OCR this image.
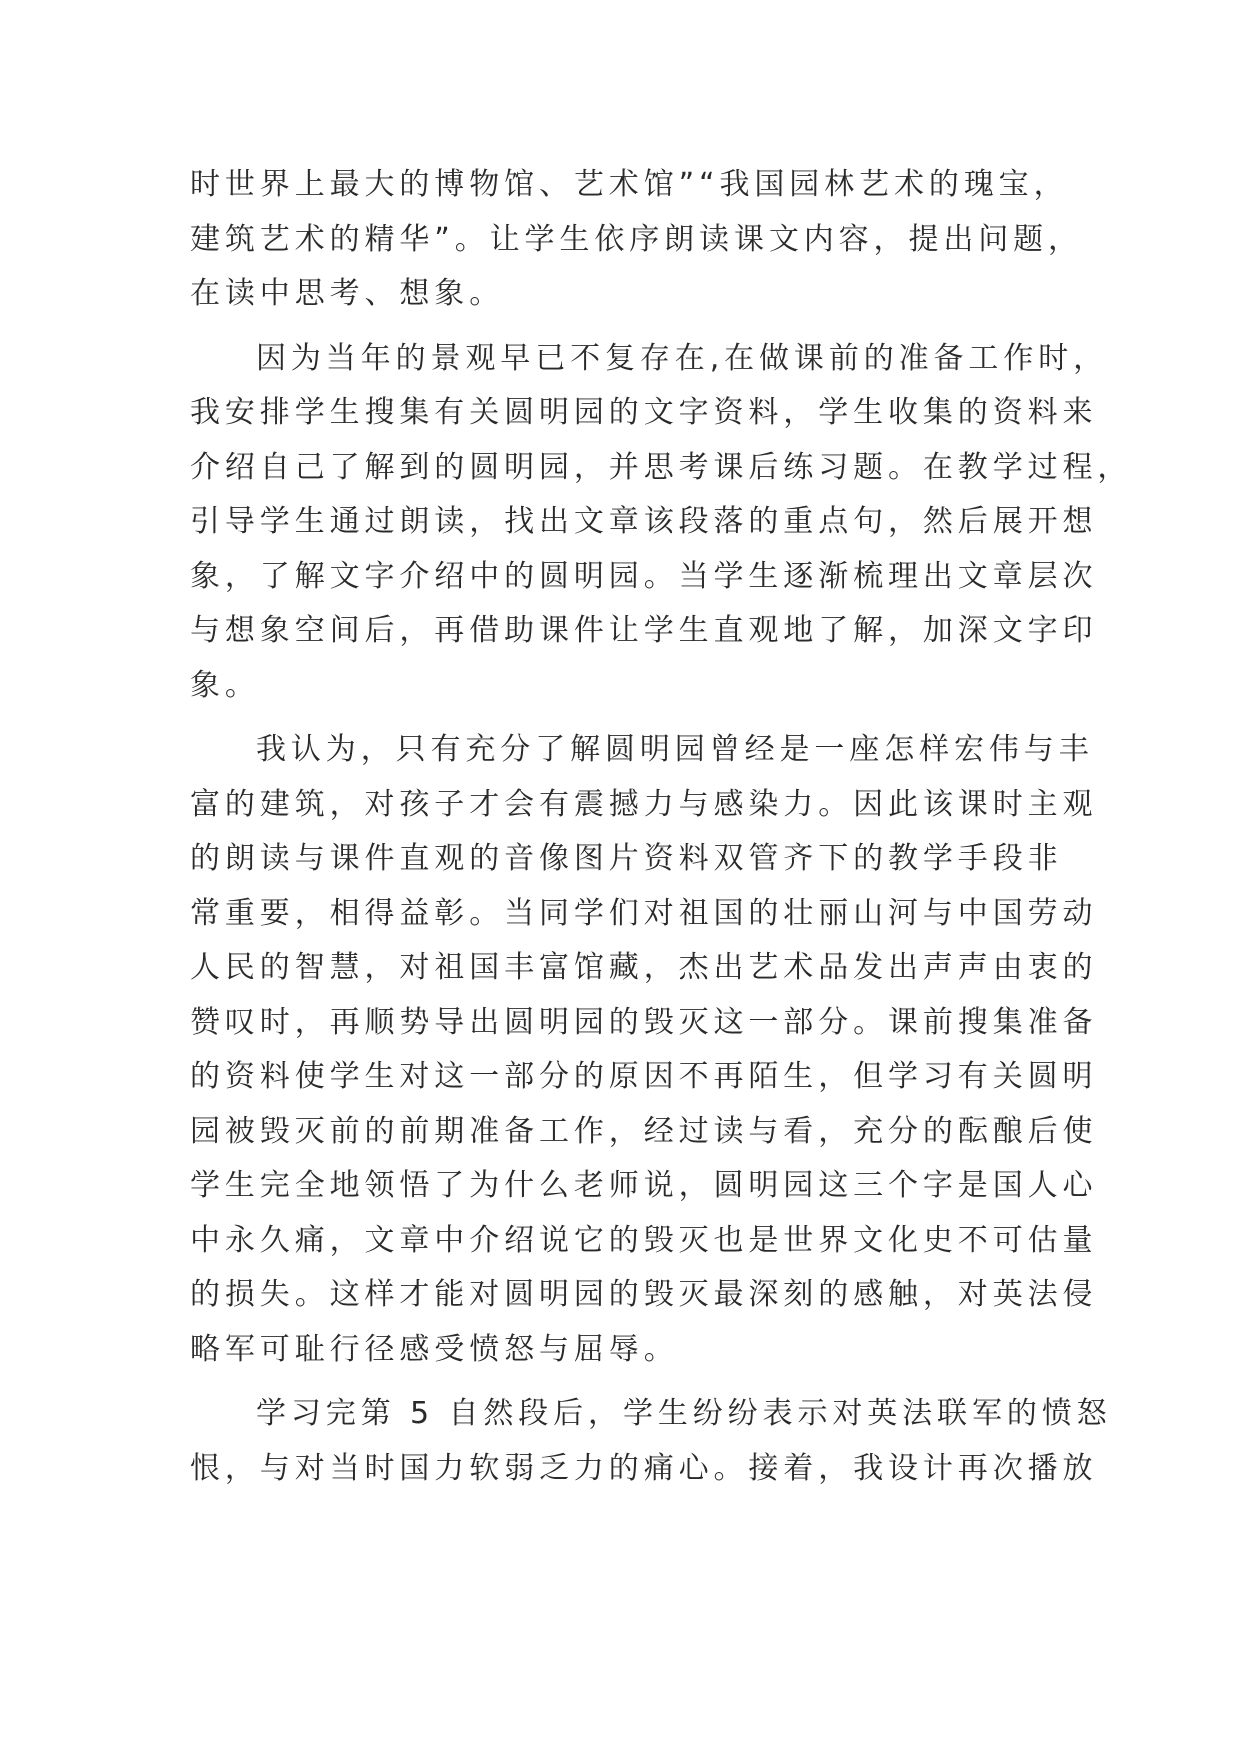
时世界上最大的博物馆、艺术馆”“我国园林艺术的瑰宝，
建筑艺术的精华”。让学生依序朗读课文内容，提出问题，
在读中思考、想象。
因为当年的景观早已不复存在,在做课前的准备工作时，
我安排学生搜集有关圆明园的文字资料，学生收集的资料来
介绍自己了解到的圆明园，并思考课后练习题。在教学过程，
引导学生通过朗读，找出文章该段落的重点句，然后展开想
象，了解文字介绍中的圆明园。当学生逐渐梳理出文章层次
与想象空间后，再借助课件让学生直观地了解，加深文字印
象。
我认为，只有充分了解圆明园曾经是一座怎样宏伟与丰
富的建筑，对孩子才会有震撼力与感染力。因此该课时主观
的朗读与课件直观的音像图片资料双管齐下的教学手段非
常重要，相得益彰。当同学们对祖国的壮丽山河与中国劳动
人民的智慧，对祖国丰富馆藏，杰出艺术品发出声声由衷的
赞叹时，再顺势导出圆明园的毁灭这一部分。课前搜集准备
的资料使学生对这一部分的原因不再陌生，但学习有关圆明
园被毁灭前的前期准备工作，经过读与看，充分的酝酿后使
学生完全地领悟了为什么老师说，圆明园这三个字是国人心
中永久痛，文章中介绍说它的毁灭也是世界文化史不可估量
的损失。这样才能对圆明园的毁灭最深刻的感触，对英法侵
略军可耻行径感受愤怒与屈辱。
学习完第 5 自然段后，学生纷纷表示对英法联军的愤怒
恨，与对当时国力软弱乏力的痛心。接着，我设计再次播放
